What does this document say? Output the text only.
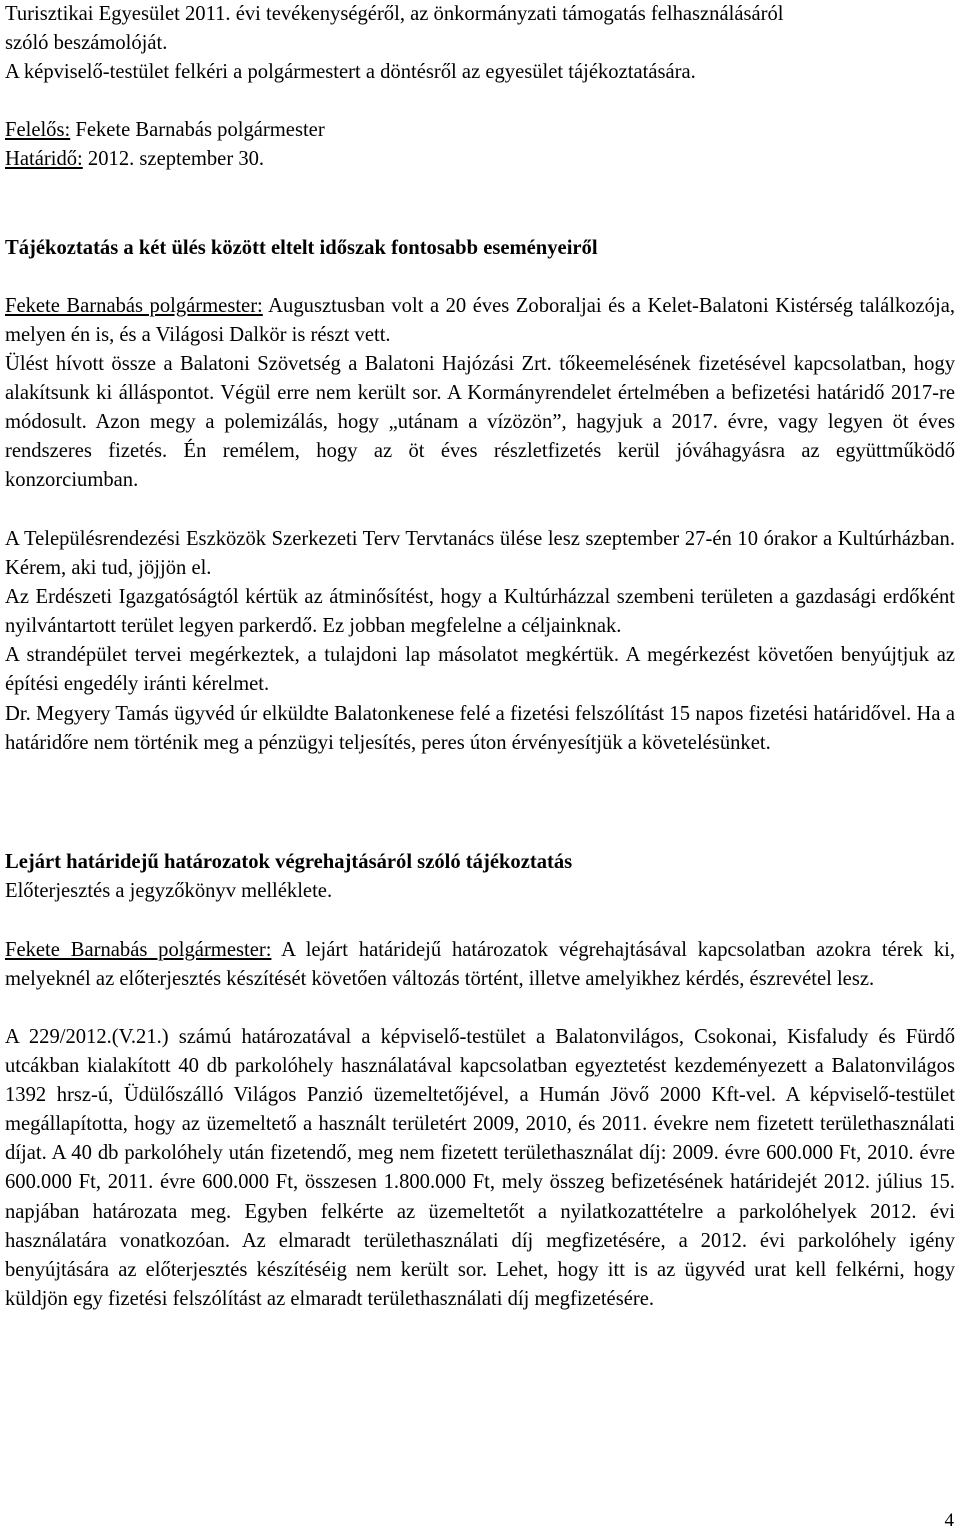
Turisztikai Egyesület 2011. évi tevékenységéről, az önkormányzati támogatás felhasználásáról
szóló beszámolóját.

A képviselő-testület felkéri a polgármestert a döntésről az egyesület tájékoztatására.

Felelős: Fekete Barnabás polgármester
Határidő: 2012. szeptember 30.

Tájékoztatás a két ülés között eltelt időszak fontosabb eseményeiről

Fekete Barnabás polgármester: Augusztusban volt a 20 éves Zoboraljai és a Kelet-Balatoni Kistérség találkozója, melyen én is, és a Világosi Dalkör is részt vett.

Ülést hívott össze a Balatoni Szövetség a Balatoni Hajózási Zrt. tőkeemelésének fizetésével kapcsolatban, hogy alakítsunk ki álláspontot. Végül erre nem került sor. A Kormányrendelet értelmében a befizetési határidő 2017-re módosult. Azon megy a polemizálás, hogy „utánam a vízözön”, hagyjuk a 2017. évre, vagy legyen öt éves rendszeres fizetés. Én remélem, hogy az öt éves részletfizetés kerül jóváhagyásra az együttműködő konzorciumban.

A Településrendezési Eszközök Szerkezeti Terv Tervtanács ülése lesz szeptember 27-én 10 órakor a Kultúrházban. Kérem, aki tud, jöjjön el.

Az Erdészeti Igazgatóságtól kértük az átminősítést, hogy a Kultúrházzal szembeni területen a gazdasági erdőként nyilvántartott terület legyen parkerdő. Ez jobban megfelelne a céljainknak.

A strandépület tervei megérkeztek, a tulajdoni lap másolatot megkértük. A megérkezést követően benyújtjuk az építési engedély iránti kérelmet.

Dr. Megyery Tamás ügyvéd úr elküldte Balatonkenese felé a fizetési felszólítást 15 napos fizetési határidővel. Ha a határidőre nem történik meg a pénzügyi teljesítés, peres úton érvényesítjük a követelésünket.

Lejárt határidejű határozatok végrehajtásáról szóló tájékoztatás

Előterjesztés a jegyzőkönyv melléklete.

Fekete Barnabás polgármester: A lejárt határidejű határozatok végrehajtásával kapcsolatban azokra térek ki, melyeknél az előterjesztés készítését követően változás történt, illetve amelyikhez kérdés, észrevétel lesz.

A 229/2012.(V.21.) számú határozatával a képviselő-testület a Balatonvilágos, Csokonai, Kisfaludy és Fürdő utcákban kialakított 40 db parkolóhely használatával kapcsolatban egyeztetést kezdeményezett a Balatonvilágos 1392 hrsz-ú, Üdülőszálló Világos Panzió üzemeltetőjével, a Humán Jövő 2000 Kft-vel. A képviselő-testület megállapította, hogy az üzemeltető a használt területért 2009, 2010, és 2011. évekre nem fizetett területhasználati díjat. A 40 db parkolóhely után fizetendő, meg nem fizetett területhasználat díj: 2009. évre 600.000 Ft, 2010. évre 600.000 Ft, 2011. évre 600.000 Ft, összesen 1.800.000 Ft, mely összeg befizetésének határidejét 2012. július 15. napjában határozata meg. Egyben felkérte az üzemeltetőt a nyilatkozattételre a parkolóhelyek 2012. évi használatára vonatkozóan. Az elmaradt területhasználati díj megfizetésére, a 2012. évi parkolóhely igény benyújtására az előterjesztés készítéséig nem került sor. Lehet, hogy itt is az ügyvéd urat kell felkérni, hogy küldjön egy fizetési felszólítást az elmaradt területhasználati díj megfizetésére.

4
